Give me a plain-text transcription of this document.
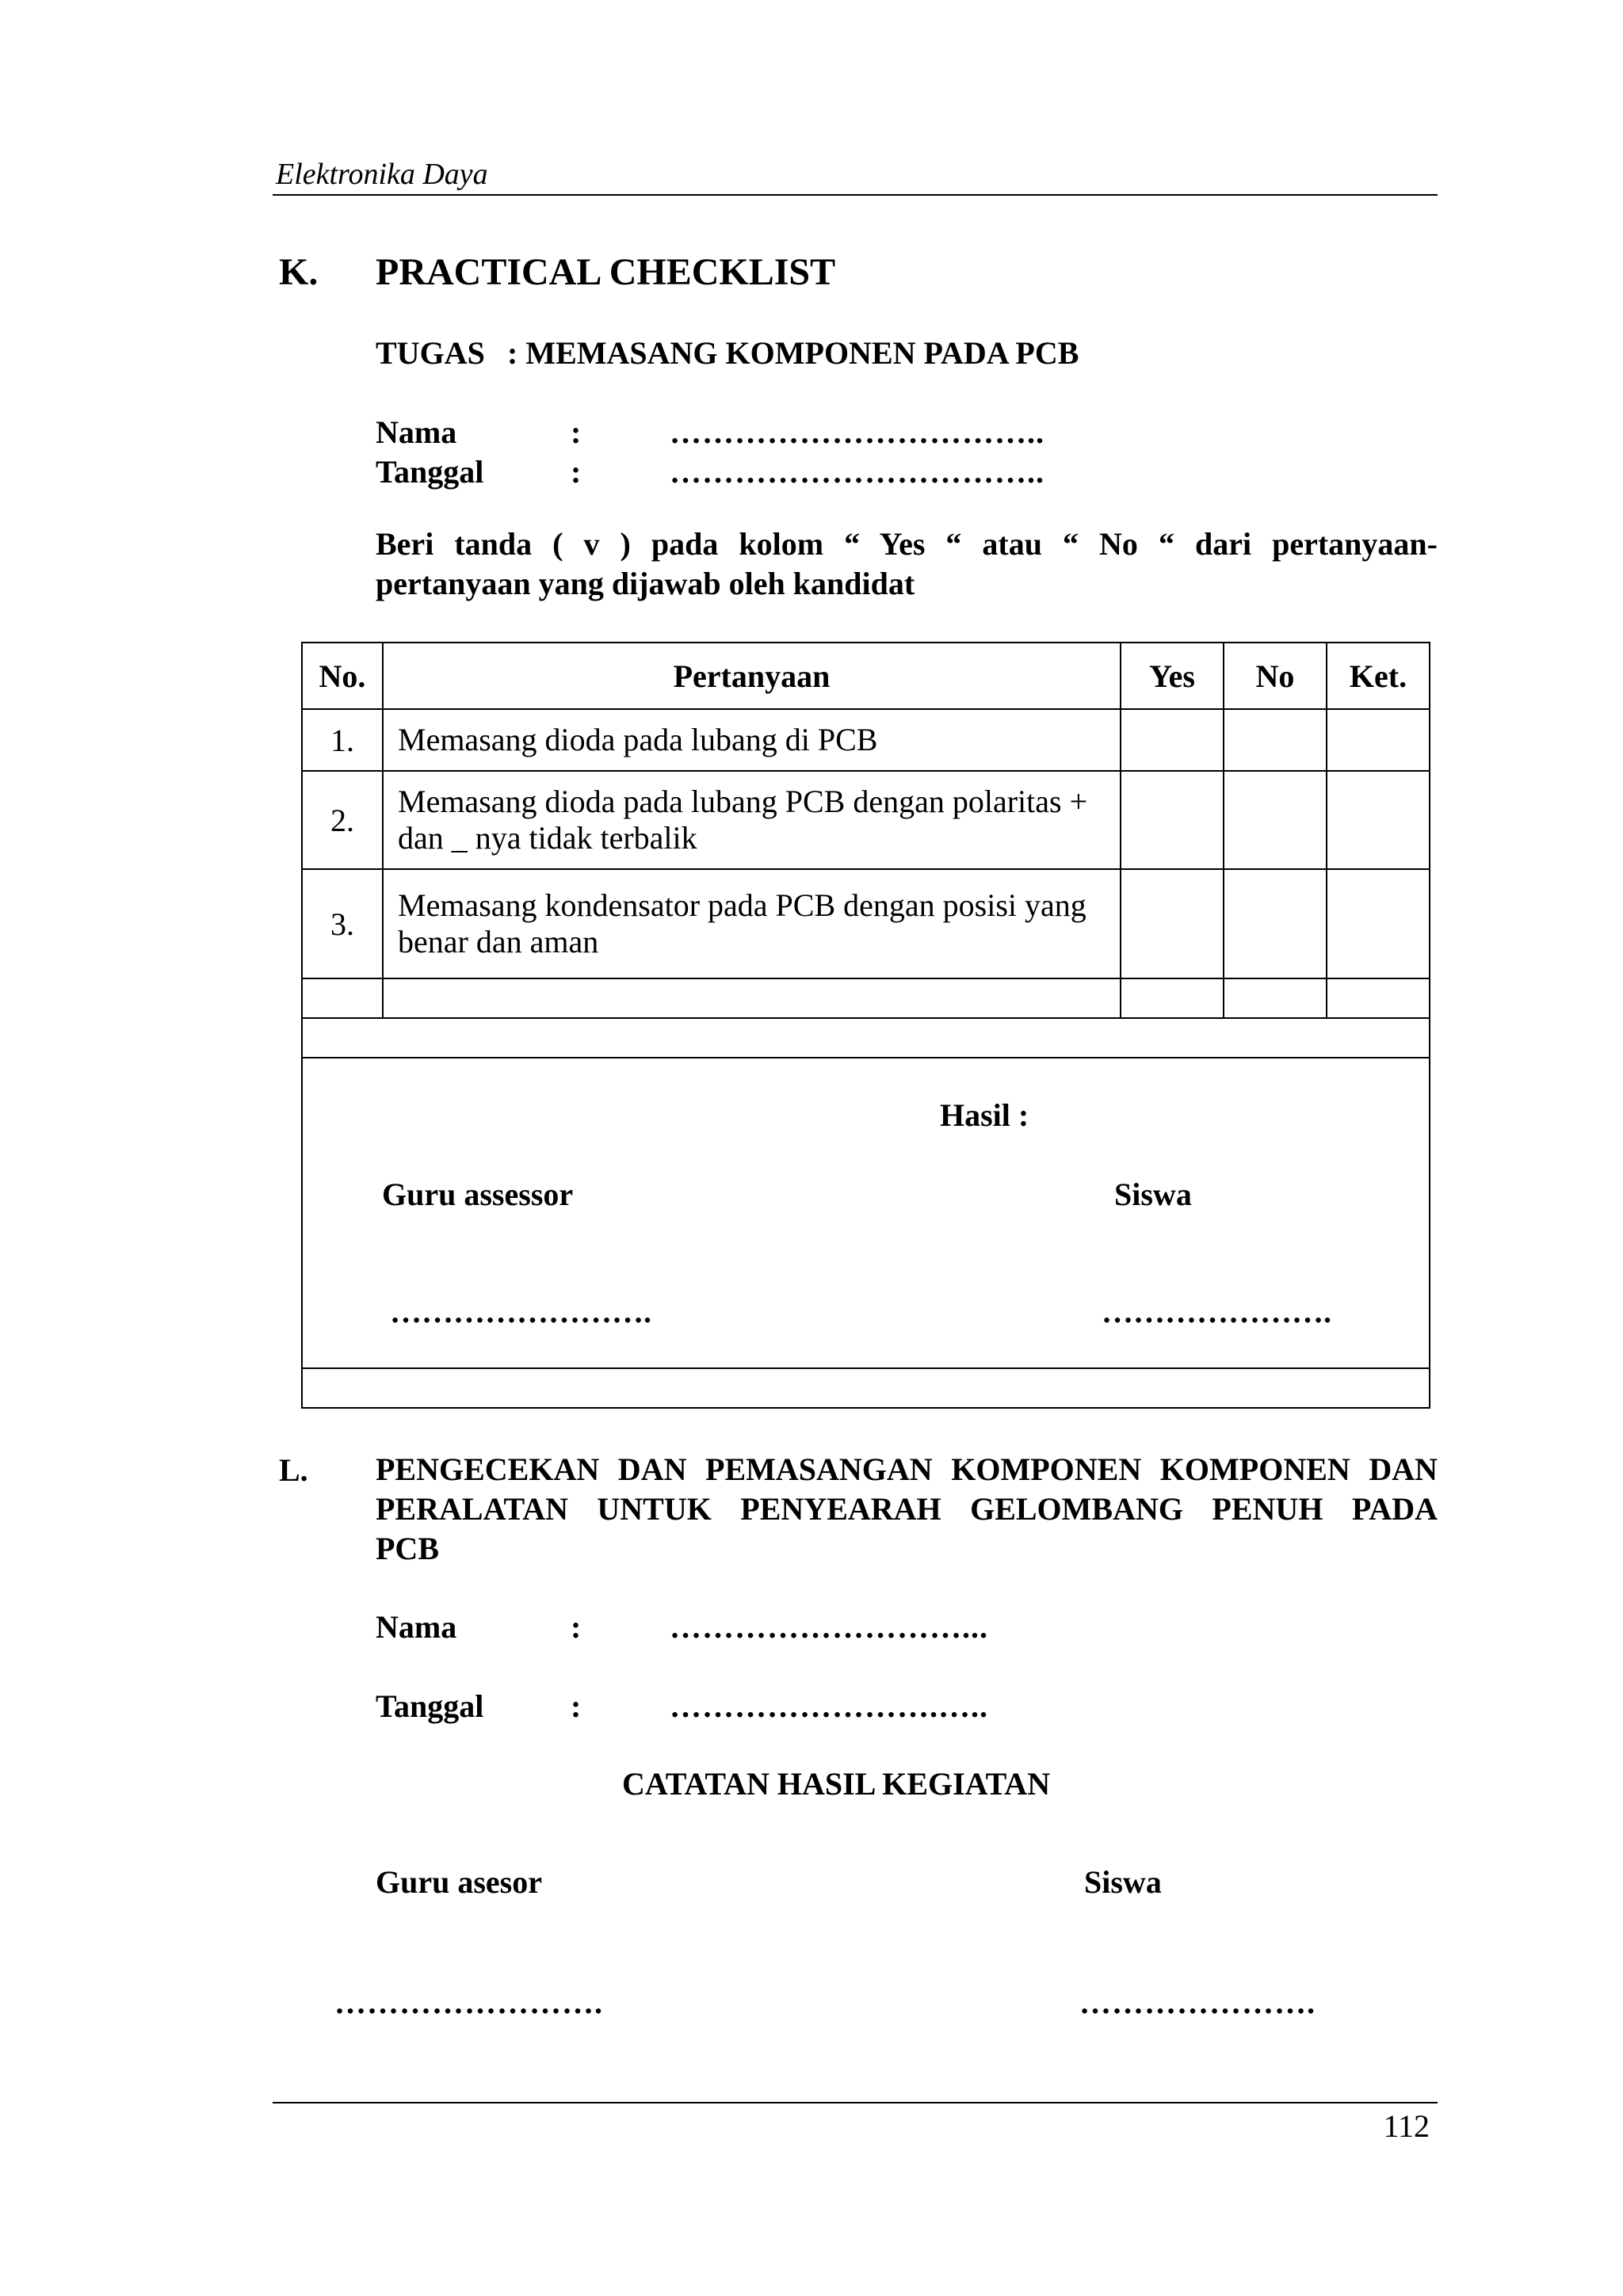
Elektronika Daya
K. PRACTICAL CHECKLIST
TUGAS : MEMASANG KOMPONEN PADA PCB
Nama	:	……………………………..
Tanggal	:	……………………………..
Beri tanda ( v ) pada kolom “ Yes “ atau “ No “ dari pertanyaan-
pertanyaan yang dijawab oleh kandidat
No.	Pertanyaan	Yes	No	Ket.
1.	Memasang dioda pada lubang di PCB			
2.	Memasang dioda pada lubang PCB dengan polaritas + dan _ nya tidak terbalik			
3.	Memasang kondensator pada PCB dengan posisi yang benar dan aman			

Hasil :
Guru assessor Siswa
……………………. ………………….				

L. PENGECEKAN DAN PEMASANGAN KOMPONEN KOMPONEN DAN
PERALATAN UNTUK PENYEARAH GELOMBANG PENUH PADA
PCB
Nama	:	………………………...
Tanggal	:	…………………….…..
CATATAN HASIL KEGIATAN
Guru asesor	Siswa
…………………….	………………….
112
